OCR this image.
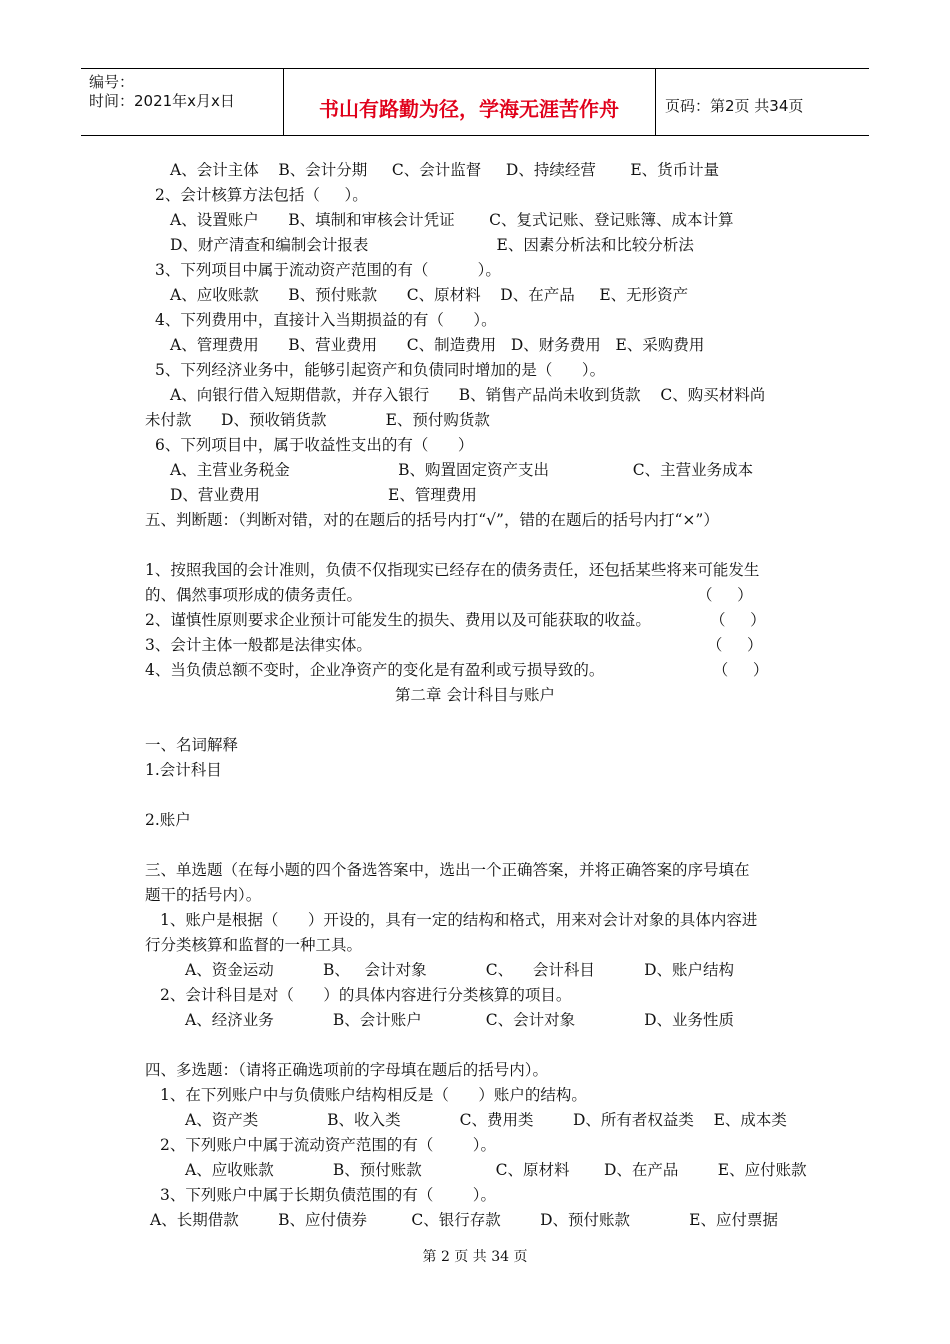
编号：
时间：2021年x月x日	书山有路勤为径，学海无涯苦作舟	页码：第2页 共34页
A、会计主体    B、会计分期     C、会计监督     D、持续经营       E、货币计量
2、会计核算方法包括（     ）。
A、设置账户      B、填制和审核会计凭证       C、复式记账、登记账簿、成本计算
D、财产清查和编制会计报表                          E、因素分析法和比较分析法
3、下列项目中属于流动资产范围的有（          ）。
A、应收账款      B、预付账款      C、原材料    D、在产品     E、无形资产
4、下列费用中，直接计入当期损益的有（      ）。
A、管理费用      B、营业费用      C、制造费用   D、财务费用   E、采购费用
5、下列经济业务中，能够引起资产和负债同时增加的是（      ）。
A、向银行借入短期借款，并存入银行      B、销售产品尚未收到货款    C、购买材料尚
未付款      D、预收销货款            E、预付购货款
6、下列项目中，属于收益性支出的有（      ）
A、主营业务税金                      B、购置固定资产支出                 C、主营业务成本
D、营业费用                          E、管理费用
五、判断题：（判断对错，对的在题后的括号内打“√”，错的在题后的括号内打“×”）
1、按照我国的会计准则，负债不仅指现实已经存在的债务责任，还包括某些将来可能发生
的、偶然事项形成的债务责任。                                                                    （     ）
2、谨慎性原则要求企业预计可能发生的损失、费用以及可能获取的收益。            （     ）
3、会计主体一般都是法律实体。                                                                    （     ）
4、当负债总额不变时，企业净资产的变化是有盈利或亏损导致的。                      （     ）
第二章 会计科目与账户
一、名词解释
1.会计科目
2.账户
三、单选题（在每小题的四个备选答案中，选出一个正确答案，并将正确答案的序号填在
题干的括号内）。
1、账户是根据（      ）开设的，具有一定的结构和格式，用来对会计对象的具体内容进
行分类核算和监督的一种工具。
A、资金运动          B、   会计对象            C、    会计科目          D、账户结构
2、会计科目是对（      ）的具体内容进行分类核算的项目。
A、经济业务            B、会计账户             C、会计对象              D、业务性质
四、多选题：（请将正确选项前的字母填在题后的括号内）。
1、在下列账户中与负债账户结构相反是（      ）账户的结构。
A、资产类              B、收入类            C、费用类        D、所有者权益类    E、成本类
2、下列账户中属于流动资产范围的有（        ）。
A、应收账款            B、预付账款               C、原材料       D、在产品        E、应付账款
3、下列账户中属于长期负债范围的有（        ）。
A、长期借款        B、应付债券         C、银行存款        D、预付账款            E、应付票据
第 2 页 共 34 页
